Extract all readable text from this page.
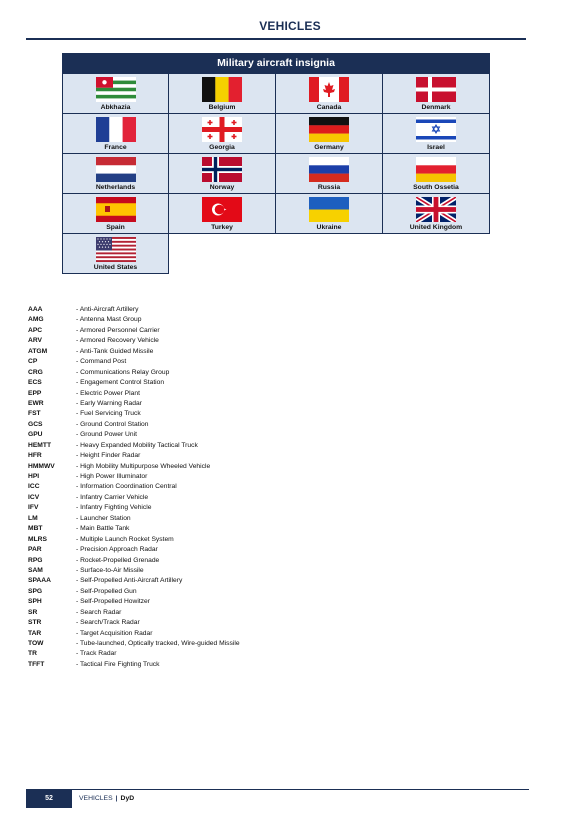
VEHICLES
Military aircraft insignia
Abkhazia	Belgium	Canada	Denmark
France	Georgia	Germany	Israel
Netherlands	Norway	Russia	South Ossetia
Spain	Turkey	Ukraine	United Kingdom
United States
AAA	- Anti-Aircraft Artillery
AMG	- Antenna Mast Group
APC	- Armored Personnel Carrier
ARV	- Armored Recovery Vehicle
ATGM	- Anti-Tank Guided Missile
CP	- Command Post
CRG	- Communications Relay Group
ECS	- Engagement Control Station
EPP	- Electric Power Plant
EWR	- Early Warning Radar
FST	- Fuel Servicing Truck
GCS	- Ground Control Station
GPU	- Ground Power Unit
HEMTT	- Heavy Expanded Mobility Tactical Truck
HFR	- Height Finder Radar
HMMWV	- High Mobility Multipurpose Wheeled Vehicle
HPI	- High Power Illuminator
ICC	- Information Coordination Central
ICV	- Infantry Carrier Vehicle
IFV	- Infantry Fighting Vehicle
LM	- Launcher Station
MBT	- Main Battle Tank
MLRS	- Multiple Launch Rocket System
PAR	- Precision Approach Radar
RPG	- Rocket-Propelled Grenade
SAM	- Surface-to-Air Missile
SPAAA	- Self-Propelled Anti-Aircraft Artillery
SPG	- Self-Propelled Gun
SPH	- Self-Propelled Howitzer
SR	- Search Radar
STR	- Search/Track Radar
TAR	- Target Acquisition Radar
TOW	- Tube-launched, Optically tracked, Wire-guided Missile
TR	- Track Radar
TFFT	- Tactical Fire Fighting Truck
52	VEHICLES | DyD
